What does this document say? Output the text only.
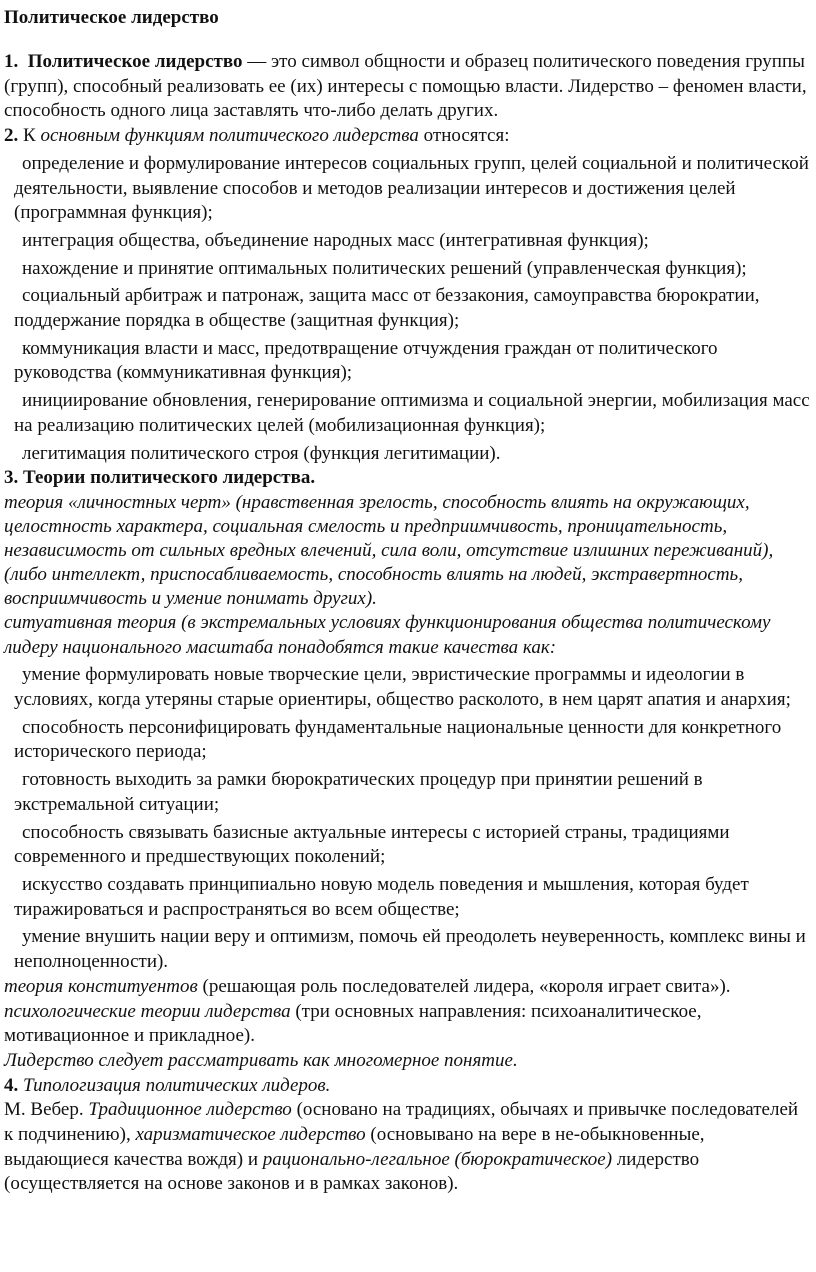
Политическое лидерство

1. Политическое лидерство — это символ общности и образец политического поведения группы (групп), способный реализовать ее (их) интересы с помощью власти. Лидерство – феномен власти, способность одного лица заставлять что-либо делать других.

2. К основным функциям политического лидерства относятся:

определение и формулирование интересов социальных групп, целей социальной и политической деятельности, выявление способов и методов реализации интересов и достижения целей (программная функция);

интеграция общества, объединение народных масс (интегративная функция);

нахождение и принятие оптимальных политических решений (управленческая функция);

социальный арбитраж и патронаж, защита масс от беззакония, самоуправства бюрократии, поддержание порядка в обществе (защитная функция);

коммуникация власти и масс, предотвращение отчуждения граждан от политического руководства (коммуникативная функция);

инициирование обновления, генерирование оптимизма и социальной энергии, мобилизация масс на реализацию политических целей (мобилизационная функция);

легитимация политического строя (функция легитимации).

3. Теории политического лидерства.

теория «личностных черт» (нравственная зрелость, способность влиять на окружающих, целостность характера, социальная смелость и предприимчивость, проницательность, независимость от сильных вредных влечений, сила воли, отсутствие излишних переживаний), (либо интеллект, приспосабливаемость, способность влиять на людей, экстравертность, восприимчивость и умение понимать других).

ситуативная теория (в экстремальных условиях функционирования общества политическому лидеру национального масштаба понадобятся такие качества как:

умение формулировать новые творческие цели, эвристические программы и идеологии в условиях, когда утеряны старые ориентиры, общество расколото, в нем царят апатия и анархия;

способность персонифицировать фундаментальные национальные ценности для конкретного исторического периода;

готовность выходить за рамки бюрократических процедур при принятии решений в экстремальной ситуации;

способность связывать базисные актуальные интересы с историей страны, традициями современного и предшествующих поколений;

искусство создавать принципиально новую модель поведения и мышления, которая будет тиражироваться и распространяться во всем обществе;

умение внушить нации веру и оптимизм, помочь ей преодолеть неуверенность, комплекс вины и неполноценности).

теория конституентов (решающая роль последователей лидера, «короля играет свита»).

психологические теории лидерства (три основных направления: психоаналитическое, мотивационное и прикладное).

Лидерство следует рассматривать как многомерное понятие.

4. Типологизация политических лидеров.

М. Вебер. Традиционное лидерство (основано на традициях, обычаях и привычке последователей к подчинению), харизматическое лидерство (основывано на вере в не-обыкновенные, выдающиеся качества вождя) и рационально-легальное (бюрократическое) лидерство (осуществляется на основе законов и в рамках законов).
